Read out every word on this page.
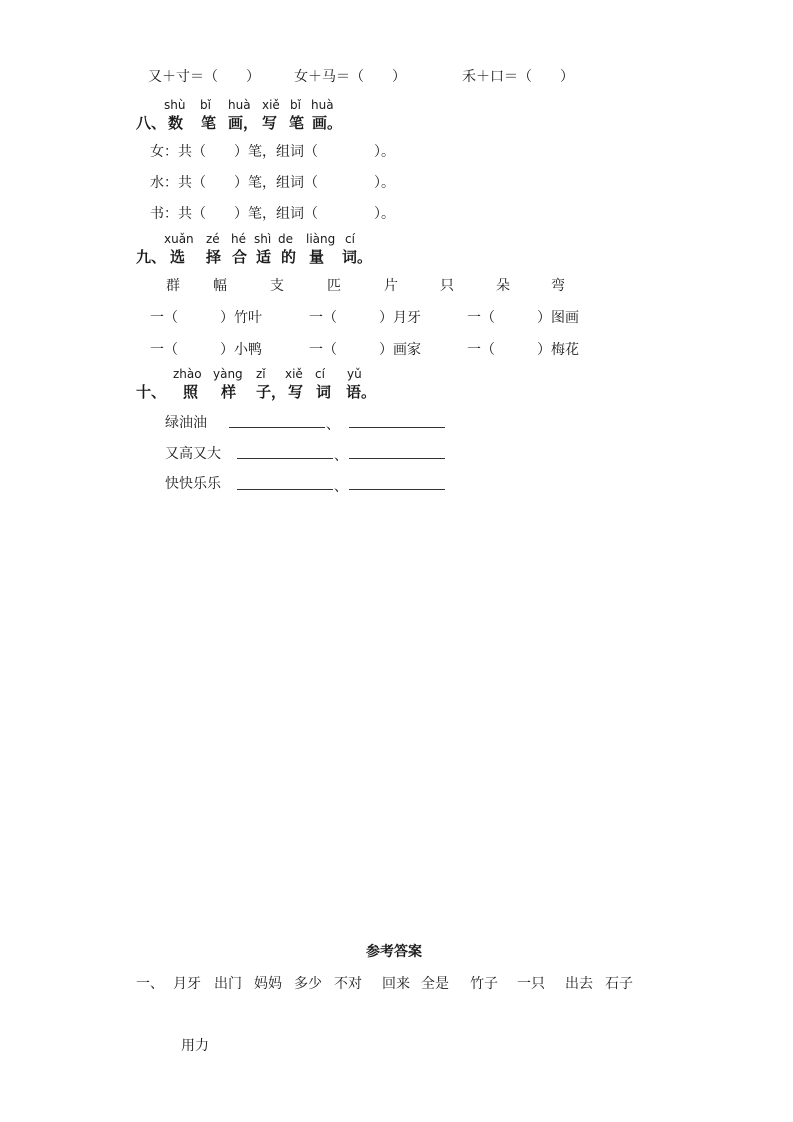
又＋寸＝（　　） 女＋马＝（　　）	禾＋口＝（　　）
八、
shù
数
bǐ
笔
huà
画，
xiě
写
bǐ
笔
huà
画。
女：共（　　）笔，组词（　　　　）。
水：共（　　）笔，组词（　　　　）。
书：共（　　）笔，组词（　　　　）。
九、
xuǎn
选
zé
择
hé
合
shì
适
de
的
liàng
量
cí
词。
群 幅	支	匹	片	只	朵	弯
一（　　　）竹叶	一（　　　）月牙	一（　　　）图画
一（　　　）小鸭	一（　　　）画家	一（　　　）梅花
十、
zhào
照
yàng
样
zǐ
子，
xiě
写
cí
词
yǔ
语。
绿油油	、
又高又大	、
快快乐乐	、
参考答案
一、 月牙 出门 妈妈 多少 不对 回来 全是 竹子 一只 出去 石子
用力
